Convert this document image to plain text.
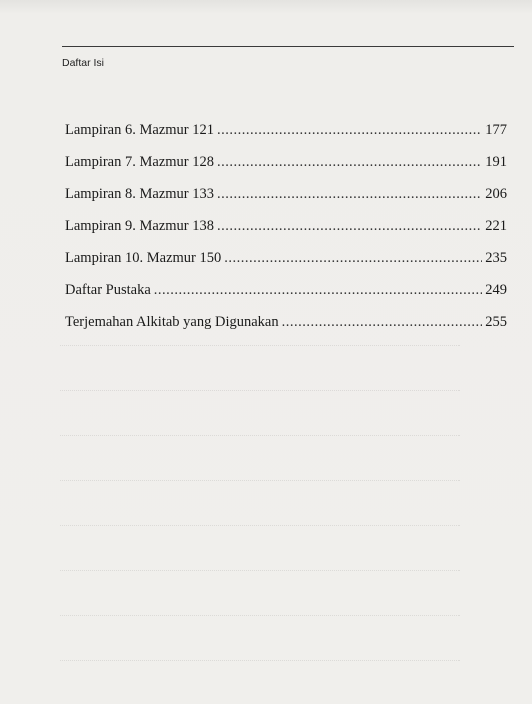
Daftar Isi
Lampiran 6. Mazmur 121 .....	177
Lampiran 7. Mazmur 128 .....	191
Lampiran 8. Mazmur 133 .....	206
Lampiran 9. Mazmur 138 .....	221
Lampiran 10. Mazmur 150 .....	235
Daftar Pustaka .....	249
Terjemahan Alkitab yang Digunakan .....	255
